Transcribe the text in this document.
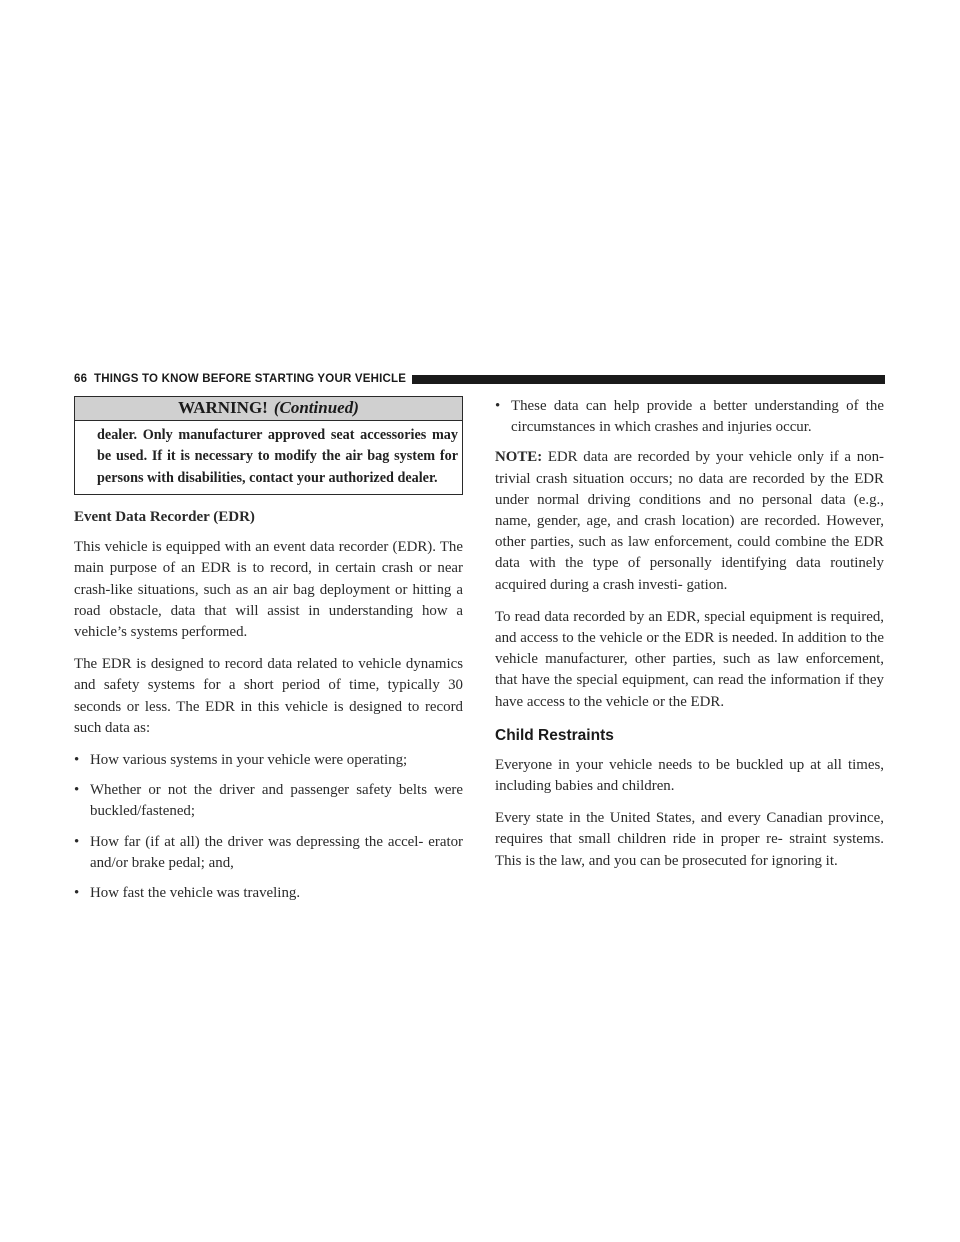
66 THINGS TO KNOW BEFORE STARTING YOUR VEHICLE
WARNING! (Continued)
dealer. Only manufacturer approved seat accessories may be used. If it is necessary to modify the air bag system for persons with disabilities, contact your authorized dealer.
Event Data Recorder (EDR)

This vehicle is equipped with an event data recorder (EDR). The main purpose of an EDR is to record, in certain crash or near crash-like situations, such as an air bag deployment or hitting a road obstacle, data that will assist in understanding how a vehicle’s systems performed.

The EDR is designed to record data related to vehicle dynamics and safety systems for a short period of time, typically 30 seconds or less. The EDR in this vehicle is designed to record such data as:

• How various systems in your vehicle were operating;
• Whether or not the driver and passenger safety belts were buckled/fastened;
• How far (if at all) the driver was depressing the accel- erator and/or brake pedal; and,
• How fast the vehicle was traveling.
• These data can help provide a better understanding of the circumstances in which crashes and injuries occur.

NOTE: EDR data are recorded by your vehicle only if a non-trivial crash situation occurs; no data are recorded by the EDR under normal driving conditions and no personal data (e.g., name, gender, age, and crash location) are recorded. However, other parties, such as law enforcement, could combine the EDR data with the type of personally identifying data routinely acquired during a crash investi- gation.

To read data recorded by an EDR, special equipment is required, and access to the vehicle or the EDR is needed. In addition to the vehicle manufacturer, other parties, such as law enforcement, that have the special equipment, can read the information if they have access to the vehicle or the EDR.

Child Restraints

Everyone in your vehicle needs to be buckled up at all times, including babies and children.

Every state in the United States, and every Canadian province, requires that small children ride in proper re- straint systems. This is the law, and you can be prosecuted for ignoring it.
